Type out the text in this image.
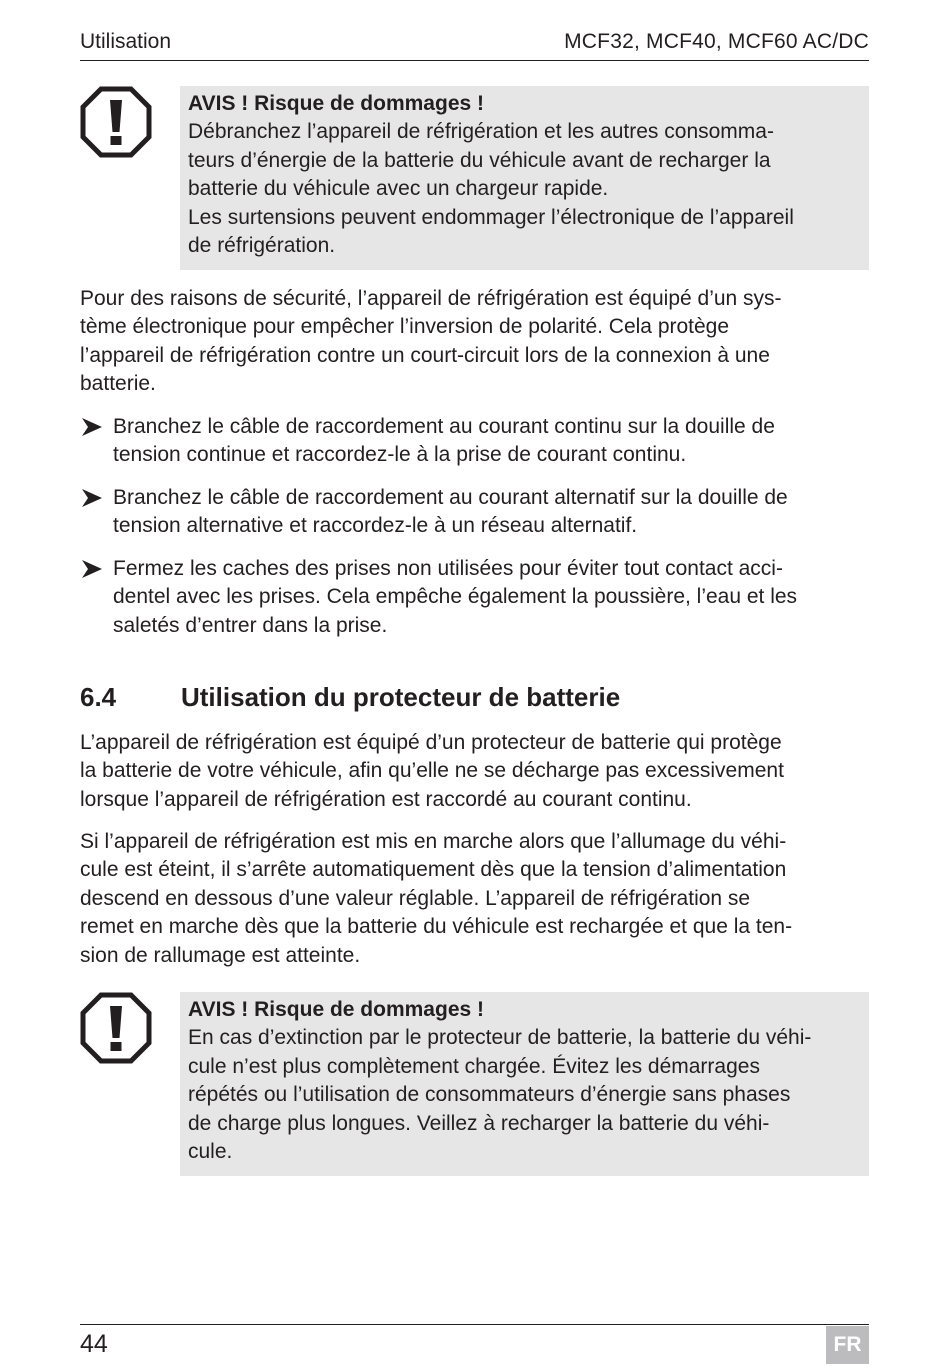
Utilisation	MCF32, MCF40, MCF60 AC/DC
AVIS ! Risque de dommages !

Débranchez l’appareil de réfrigération et les autres consomma-

teurs d’énergie de la batterie du véhicule avant de recharger la

batterie du véhicule avec un chargeur rapide.

Les surtensions peuvent endommager l’électronique de l’appareil

de réfrigération.

Pour des raisons de sécurité, l’appareil de réfrigération est équipé d’un sys-
tème électronique pour empêcher l’inversion de polarité. Cela protège
l’appareil de réfrigération contre un court-circuit lors de la connexion à une
batterie.
Branchez le câble de raccordement au courant continu sur la douille de
tension continue et raccordez-le à la prise de courant continu.
Branchez le câble de raccordement au courant alternatif sur la douille de
tension alternative et raccordez-le à un réseau alternatif.
Fermez les caches des prises non utilisées pour éviter tout contact acci-
dentel avec les prises. Cela empêche également la poussière, l’eau et les
saletés d’entrer dans la prise.
6.4 Utilisation du protecteur de batterie
L’appareil de réfrigération est équipé d’un protecteur de batterie qui protège
la batterie de votre véhicule, afin qu’elle ne se décharge pas excessivement
lorsque l’appareil de réfrigération est raccordé au courant continu.
Si l’appareil de réfrigération est mis en marche alors que l’allumage du véhi-
cule est éteint, il s’arrête automatiquement dès que la tension d’alimentation
descend en dessous d’une valeur réglable. L’appareil de réfrigération se
remet en marche dès que la batterie du véhicule est rechargée et que la ten-
sion de rallumage est atteinte.
AVIS ! Risque de dommages !

En cas d’extinction par le protecteur de batterie, la batterie du véhi-

cule n’est plus complètement chargée. Évitez les démarrages

répétés ou l’utilisation de consommateurs d’énergie sans phases

de charge plus longues. Veillez à recharger la batterie du véhi-

cule.

44	FR
